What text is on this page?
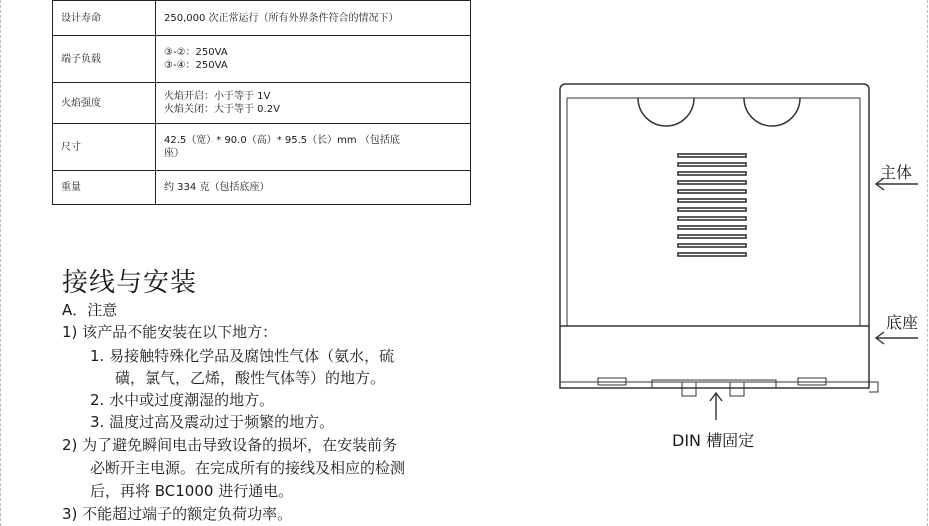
设计寿命	250,000 次正常运行（所有外界条件符合的情况下）
端子负载	③-②：250VA
③-④：250VA

火焰强度	火焰开启：小于等于 1V
火焰关闭：大于等于 0.2V

尺寸	42.5（宽）* 90.0（高）* 95.5（长）mm （包括底
座）

重量	约 334 克（包括底座）
接线与安装
A．注意
1) 该产品不能安装在以下地方：
1. 易接触特殊化学品及腐蚀性气体（氨水，硫
磺，氯气，乙烯，酸性气体等）的地方。
2. 水中或过度潮湿的地方。
3. 温度过高及震动过于频繁的地方。
2) 为了避免瞬间电击导致设备的损坏，在安装前务
必断开主电源。在完成所有的接线及相应的检测
后，再将 BC1000 进行通电。
3) 不能超过端子的额定负荷功率。
主体
底座
DIN 槽固定
